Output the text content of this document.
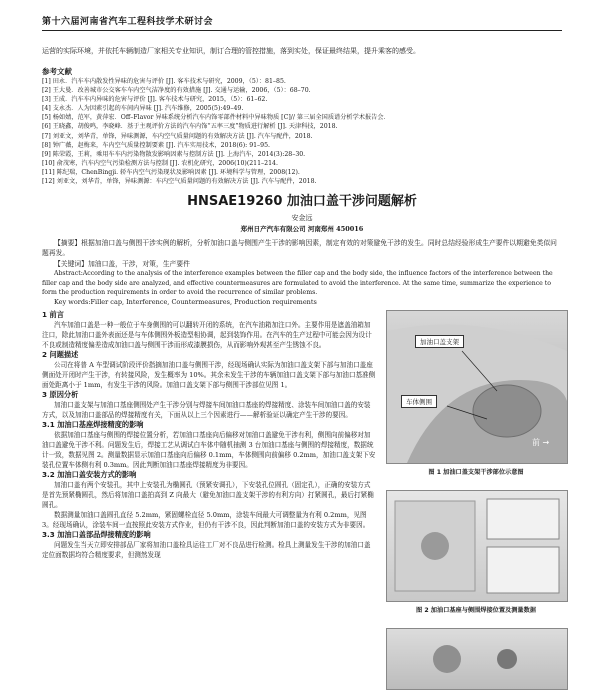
第十六届河南省汽车工程科技学术研讨会
运营的实际环境，并依托车辆制造厂家相关专业知识，制订合理的管控措施，落到实处，保证最终结果，提升乘客的感受。
参考文献
[1] 田永．汽车车内散发性异味的危害与评价 [J]. 客车技术与研究，2009，（5）：81–85.
[2] 王大曼．改善城市公交客车车内空气洁净度的有效措施 [J]. 交通与运输，2006，（5）：68–70.
[3] 王成．汽车车内异味的危害与评价 [J]. 客车技术与研究，2015，（5）：61–62.
[4] 支永杰．人为因素引起的车间内异味 [J]. 汽车维修，2005(5):49–49.
[5] 杨如婧，范军，黄萍宏．Off–Flavor 异味系统分析汽车内饰零部件材料中异味物质 [C]// 第三届全国质谱分析学术报告会．
[6] 王晓鑫，胡俊鸣，李晓峰．基于主观评价方法的汽车内饰“五率三度”物质进行解析 [J]. 天津科技，2018.
[7] 刘亚文，刘华青，单锋，异味测源，车内空气质量问题的有效解决方法 [J]. 汽车与配件，2018.
[8] 钟广薇，赵梅来，车内空气质量控制要素 [J]. 汽车实用技术，2018(6): 91–95.
[9] 陈荣霞，王莉，乘用车车内污染物散发影响因素与控制方法 [J]. 上海汽车，2014(3):28–30.
[10] 俞茂寒，汽车内空气污染检测方法与控制 [J]. 农机化研究，2006(10)(211–214.
[11] 陈纪瑞，ChenBingji. 轿车内空气污染现状及影响因素 [J]. 环境科学与管理，2008(12).
[12] 刘亚文，刘华青，单锋，异味测源：车内空气质量问题的有效解决方法 [J]. 汽车与配件，2018.
HNSAE19260 加油口盖干涉问题解析
安金远
郑州日产汽车有限公司 河南郑州 450016
【摘要】根据加油口盖与侧围干涉实例的解析，分析加油口盖与侧围产生干涉的影响因素，制定有效的对策避免干涉的发生。同时总结经验形成生产要件以期避免类似问题再发。
【关键词】加油口盖，干涉，对策，生产要件
Abstract:According to the analysis of the interference examples between the filler cap and the body side, the influence factors of the interference between the filler cap and the body side are analyzed, and effective countermeasures are formulated to avoid the interference. At the same time, summarize the experience to form the production requirements in order to avoid the recurrence of similar problems.
Key words:Filler cap, Interference, Countermeasures, Production requirements
1 前言

汽车加油口盖是一种一般位于车身侧围的可以翻转开闭的系统，在汽车油箱加注口外。主要作用是遮盖油箱加注口，除此加油口盖外表面还是与车体侧围外板造型相协调，起到装饰作用。在汽车的生产过程中可能会因为设计不良或制造精度偏差造成加油口盖与侧围干涉而形成漆膜损伤，从而影响外观甚至产生锈蚀不良。

2 问题描述

公司在将普 A 车型调试阶段评价指摘加油口盖与侧围干涉，经现场确认实际为加油口盖支架下部与加油口盖座侧面处开闭时产生干涉，有转接风险，发生概率为 10%。其余未发生干涉的车辆加油口盖支架下部与加油口基准侧面处距离小于 1mm，有发生干涉的风险。加油口盖支架下部与侧围干涉部位见图 1。

3 原因分析

加油口盖支架与加油口基座侧围处产生干涉分别与焊接车间加油口基座的焊接精度、涂装车间加油口盖的安装方式，以及加油口盖部品的焊接精度有关，下面从以上三个因素进行——解析验证以确定产生干涉的要因。

3.1 加油口基座焊接精度的影响

依据加油口基座与侧围的焊接位置分析，若加油口基座向后偏移对加油口盖避免干涉有利，侧围向前偏移对加油口盖避免干涉不利。问题发生后，焊接工艺从调试白车体中随机抽测 3 台加油口基座与侧围的焊接精度，数据统计一致，数据见图 2。测量数据显示加油口基座向后偏移 0.1mm，车体侧围向前偏移 0.2mm，加油口盖支架下安装孔位置车体侧有利 0.3mm。因此判断加油口基座焊接精度为非要因。

3.2 加油口盖安装方式的影响

加油口盖有两个安装孔，其中上安装孔为椭圆孔（预紧安调孔），下安装孔位圆孔（固定孔），正确的安装方式是首先预紧椭圆孔，然后将加油口盖拍高到 Z 向最大（避免加油口盖支架干涉的有利方向）打紧圆孔，最后打紧椭圆孔。

数据测量加油口盖圆孔直径 5.2mm，紧固螺栓直径 5.0mm，涂装车间最大可调整量为有利 0.2mm，见图 3。经现场确认，涂装车间一直按照此安装方式作业，但仍有干涉不良，因此判断加油口盖的安装方式为非要因。

3.3 加油口盖部品焊接精度的影响

问题发生当天立即安排部品厂家将加油口盖检具运往工厂对不良品进行检测。检具上测量发生干涉的加油口盖定位面数据均符合精度要求，但测然发现

加油口盖支架
车体侧围
前 →
图 1 加油口盖支架干涉部位示意图
图 2 加油口基座与侧围焊接位置及测量数据
